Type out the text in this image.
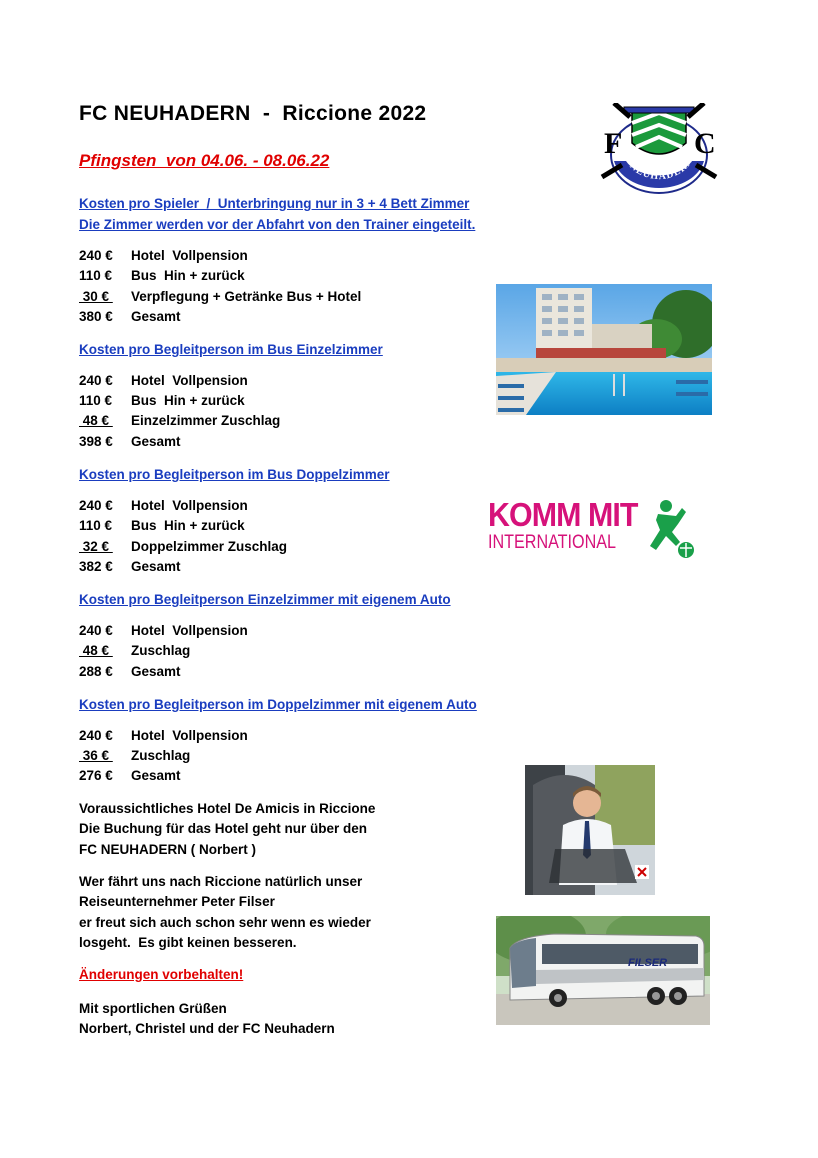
FC NEUHADERN  -  Riccione 2022
Pfingsten  von 04.06. - 08.06.22	NEUHADERN
F C
Kosten pro Spieler  /  Unterbringung nur in 3 + 4 Bett Zimmer
Die Zimmer werden vor der Abfahrt von den Trainer eingeteilt.
240 € Hotel  Vollpension
110 € Bus  Hin + zurück
30 € Verpflegung + Getränke Bus + Hotel
380 € Gesamt
Kosten pro Begleitperson im Bus Einzelzimmer
240 € Hotel  Vollpension
110 € Bus  Hin + zurück
48 € Einzelzimmer Zuschlag
398 € Gesamt
Kosten pro Begleitperson im Bus Doppelzimmer
240 € Hotel  Vollpension
110 € Bus  Hin + zurück
32 € Doppelzimmer Zuschlag
382 € Gesamt
Kosten pro Begleitperson Einzelzimmer mit eigenem Auto
240 € Hotel  Vollpension
48 € Zuschlag
288 € Gesamt
Kosten pro Begleitperson im Doppelzimmer mit eigenem Auto
240 € Hotel  Vollpension
36 € Zuschlag
276 € Gesamt
Voraussichtliches Hotel De Amicis in Riccione
Die Buchung für das Hotel geht nur über den
FC NEUHADERN ( Norbert )
Wer fährt uns nach Riccione natürlich unser
Reiseunternehmer Peter Filser
er freut sich auch schon sehr wenn es wieder
losgeht.  Es gibt keinen besseren.
Änderungen vorbehalten!
Mit sportlichen Grüßen
Norbert, Christel und der FC Neuhadern
KOMM MIT
INTERNATIONAL
FILSER
